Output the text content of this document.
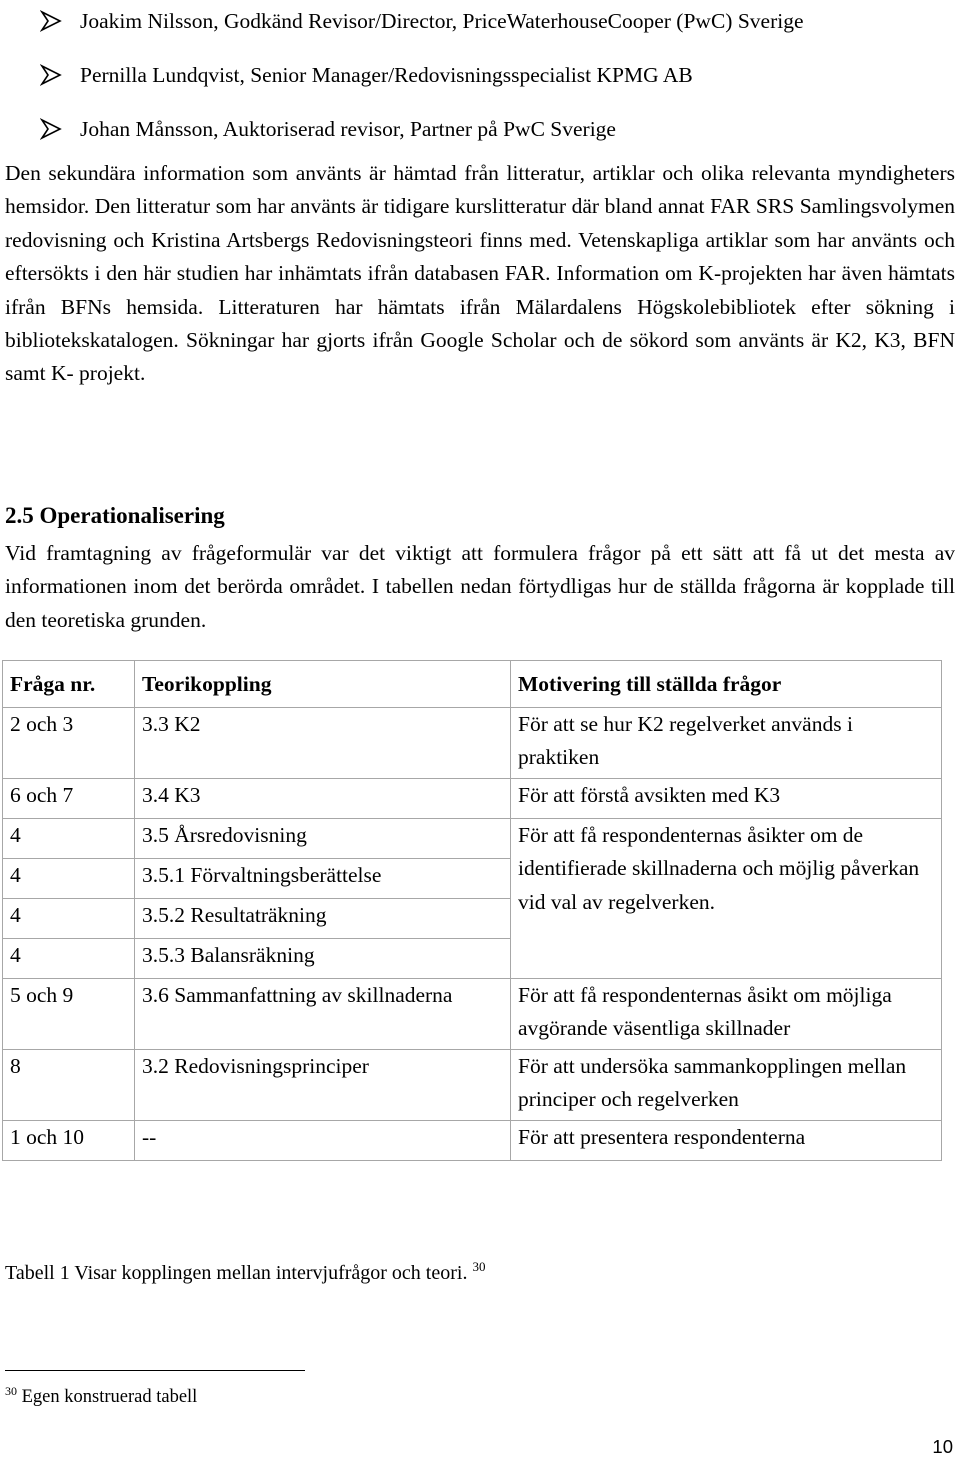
Joakim Nilsson, Godkänd Revisor/Director, PriceWaterhouseCooper (PwC) Sverige
Pernilla Lundqvist, Senior Manager/Redovisningsspecialist KPMG AB
Johan Månsson, Auktoriserad revisor, Partner på PwC Sverige
Den sekundära information som använts är hämtad från litteratur, artiklar och olika relevanta myndigheters hemsidor. Den litteratur som har använts är tidigare kurslitteratur där bland annat FAR SRS Samlingsvolymen redovisning och Kristina Artsbergs Redovisningsteori finns med. Vetenskapliga artiklar som har använts och eftersökts i den här studien har inhämtats ifrån databasen FAR. Information om K-projekten har även hämtats ifrån BFNs hemsida. Litteraturen har hämtats ifrån Mälardalens Högskolebibliotek efter sökning i bibliotekskatalogen. Sökningar har gjorts ifrån Google Scholar och de sökord som använts är K2, K3, BFN samt K- projekt.
2.5 Operationalisering
Vid framtagning av frågeformulär var det viktigt att formulera frågor på ett sätt att få ut det mesta av informationen inom det berörda området. I tabellen nedan förtydligas hur de ställda frågorna är kopplade till den teoretiska grunden.
Fråga nr.	Teorikoppling	Motivering till ställda frågor
2 och 3	3.3 K2	För att se hur K2 regelverket används i praktiken
6 och 7	3.4 K3	För att förstå avsikten med K3
4	3.5 Årsredovisning	För att få respondenternas åsikter om de identifierade skillnaderna och möjlig påverkan vid val av regelverken.
4	3.5.1 Förvaltningsberättelse	
4	3.5.2 Resultaträkning	
4	3.5.3 Balansräkning	
5 och 9	3.6 Sammanfattning av skillnaderna	För att få respondenternas åsikt om möjliga avgörande väsentliga skillnader
8	3.2 Redovisningsprinciper	För att undersöka sammankopplingen mellan principer och regelverken
1 och 10	--	För att presentera respondenterna
Tabell 1 Visar kopplingen mellan intervjufrågor och teori. $^{30}$
$^{30}$ Egen konstruerad tabell
10
